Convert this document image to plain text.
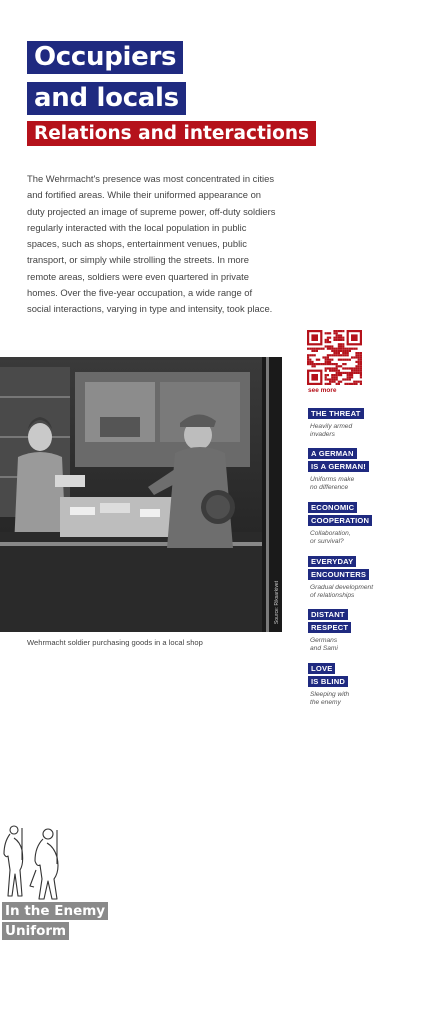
Occupiers
and locals
Relations and interactions
The Wehrmacht's presence was most concentrated in cities and fortified areas. While their uniformed appearance on duty projected an image of supreme power, off-duty soldiers regularly interacted with the local population in public spaces, such as shops, entertainment venues, public transport, or simply while strolling the streets. In more remote areas, soldiers were even quartered in private homes. Over the five-year occupation, a wide range of social interactions, varying in type and intensity, took place.
Source: Riksarkivet
Wehrmacht soldier purchasing goods in a local shop
see more
THE THREAT
Heavily armed
invaders
A GERMAN
IS A GERMAN!
Uniforms make
no difference
ECONOMIC
COOPERATION
Collaboration,
or survival?
EVERYDAY
ENCOUNTERS
Gradual development
of relationships
DISTANT
RESPECT
Germans
and Sami
LOVE
IS BLIND
Sleeping with
the enemy
In the Enemy
Uniform
